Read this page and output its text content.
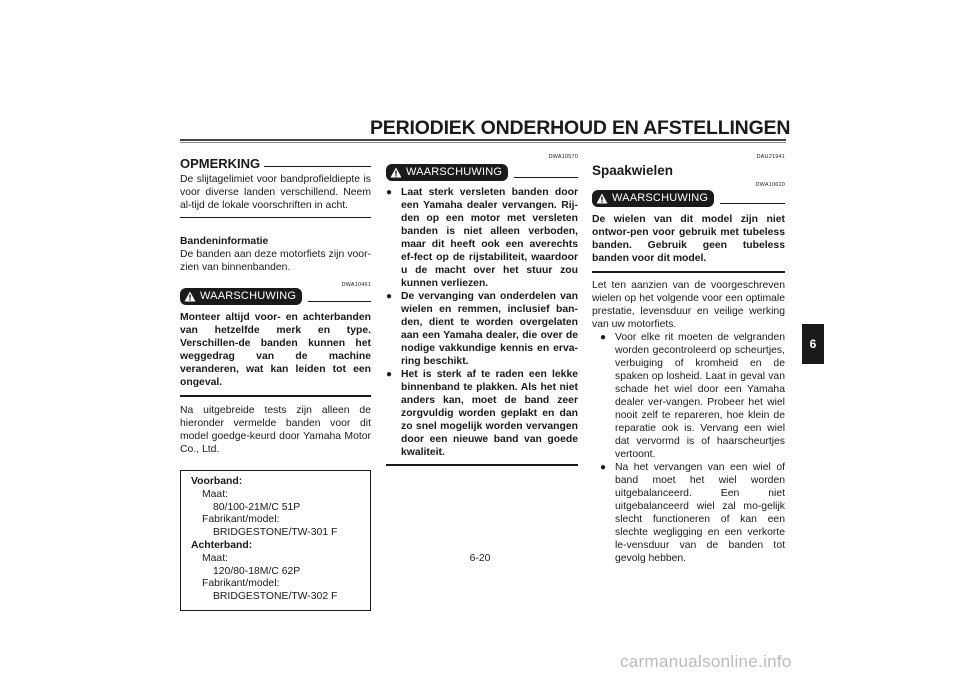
PERIODIEK ONDERHOUD EN AFSTELLINGEN
OPMERKING
De slijtagelimiet voor bandprofieldiepte is voor diverse landen verschillend. Neem al-tijd de lokale voorschriften in acht.
Bandeninformatie
De banden aan deze motorfiets zijn voor-zien van binnenbanden.
DWA10461
WAARSCHUWING
Monteer altijd voor- en achterbanden van hetzelfde merk en type. Verschillen-de banden kunnen het weggedrag van de machine veranderen, wat kan leiden tot een ongeval.
Na uitgebreide tests zijn alleen de hieronder vermelde banden voor dit model goedge-keurd door Yamaha Motor Co., Ltd.
Voorband:
Maat:
80/100-21M/C 51P
Fabrikant/model:
BRIDGESTONE/TW-301 F
Achterband:
Maat:
120/80-18M/C 62P
Fabrikant/model:
BRIDGESTONE/TW-302 F
DWA10570
WAARSCHUWING
● Laat sterk versleten banden door een Yamaha dealer vervangen. Rij-den op een motor met versleten banden is niet alleen verboden, maar dit heeft ook een averechts ef-fect op de rijstabiliteit, waardoor u de macht over het stuur zou kunnen verliezen.
● De vervanging van onderdelen van wielen en remmen, inclusief ban-den, dient te worden overgelaten aan een Yamaha dealer, die over de nodige vakkundige kennis en erva-ring beschikt.
● Het is sterk af te raden een lekke binnenband te plakken. Als het niet anders kan, moet de band zeer zorgvuldig worden geplakt en dan zo snel mogelijk worden vervangen door een nieuwe band van goede kwaliteit.
DAU21941
Spaakwielen
DWA10610
WAARSCHUWING
De wielen van dit model zijn niet ontwor-pen voor gebruik met tubeless banden. Gebruik geen tubeless banden voor dit model.
Let ten aanzien van de voorgeschreven wielen op het volgende voor een optimale prestatie, levensduur en veilige werking van uw motorfiets.
● Voor elke rit moeten de velgranden worden gecontroleerd op scheurtjes, verbuiging of kromheid en de spaken op losheid. Laat in geval van schade het wiel door een Yamaha dealer ver-vangen. Probeer het wiel nooit zelf te repareren, hoe klein de reparatie ook is. Vervang een wiel dat vervormd is of haarscheurtjes vertoont.
● Na het vervangen van een wiel of band moet het wiel worden uitgebalanceerd. Een niet uitgebalanceerd wiel zal mo-gelijk slecht functioneren of kan een slechte wegligging en een verkorte le-vensduur van de banden tot gevolg hebben.
6
6-20
carmanualsonline.info
